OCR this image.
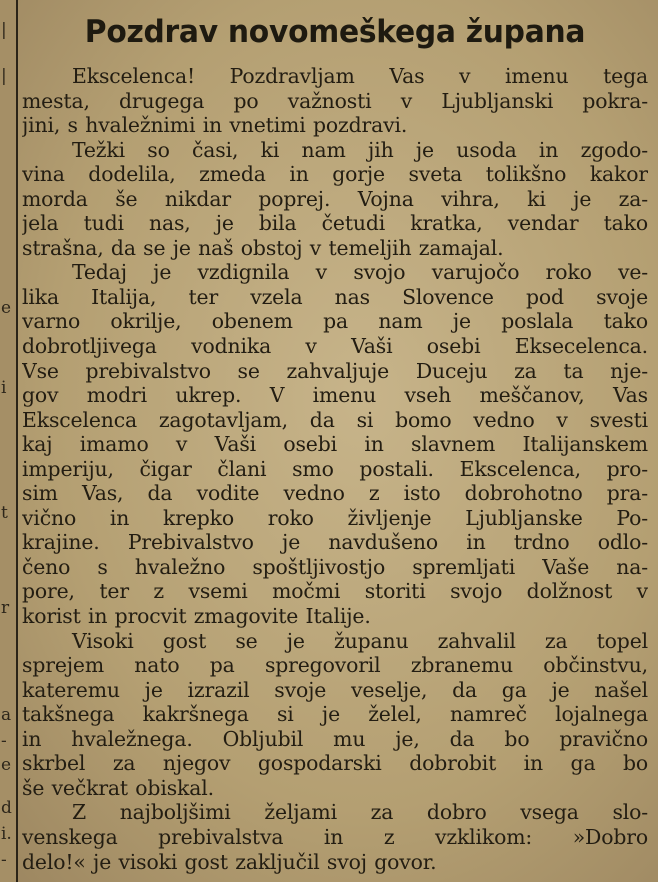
|
|
e
i
t
r
a
-
e
d
i.
-
Pozdrav novomeškega župana
Ekscelenca! Pozdravljam Vas v imenu tega
mesta, drugega po važnosti v Ljubljanski pokra-
jini, s hvaležnimi in vnetimi pozdravi.
Težki so časi, ki nam jih je usoda in zgodo-
vina dodelila, zmeda in gorje sveta tolikšno kakor
morda še nikdar poprej. Vojna vihra, ki je za-
jela tudi nas, je bila četudi kratka, vendar tako
strašna, da se je naš obstoj v temeljih zamajal.
Tedaj je vzdignila v svojo varujočo roko ve-
lika Italija, ter vzela nas Slovence pod svoje
varno okrilje, obenem pa nam je poslala tako
dobrotljivega vodnika v Vaši osebi Eksecelenca.
Vse prebivalstvo se zahvaljuje Duceju za ta nje-
gov modri ukrep. V imenu vseh meščanov, Vas
Ekscelenca zagotavljam, da si bomo vedno v svesti
kaj imamo v Vaši osebi in slavnem Italijanskem
imperiju, čigar člani smo postali. Ekscelenca, pro-
sim Vas, da vodite vedno z isto dobrohotno pra-
vično in krepko roko življenje Ljubljanske Po-
krajine. Prebivalstvo je navdušeno in trdno odlo-
čeno s hvaležno spoštljivostjo spremljati Vaše na-
pore, ter z vsemi močmi storiti svojo dolžnost v
korist in procvit zmagovite Italije.
Visoki gost se je županu zahvalil za topel
sprejem nato pa spregovoril zbranemu občinstvu,
kateremu je izrazil svoje veselje, da ga je našel
takšnega kakršnega si je želel, namreč lojalnega
in hvaležnega. Obljubil mu je, da bo pravično
skrbel za njegov gospodarski dobrobit in ga bo
še večkrat obiskal.
Z najboljšimi željami za dobro vsega slo-
venskega prebivalstva in z vzklikom: »Dobro
delo!« je visoki gost zaključil svoj govor.
